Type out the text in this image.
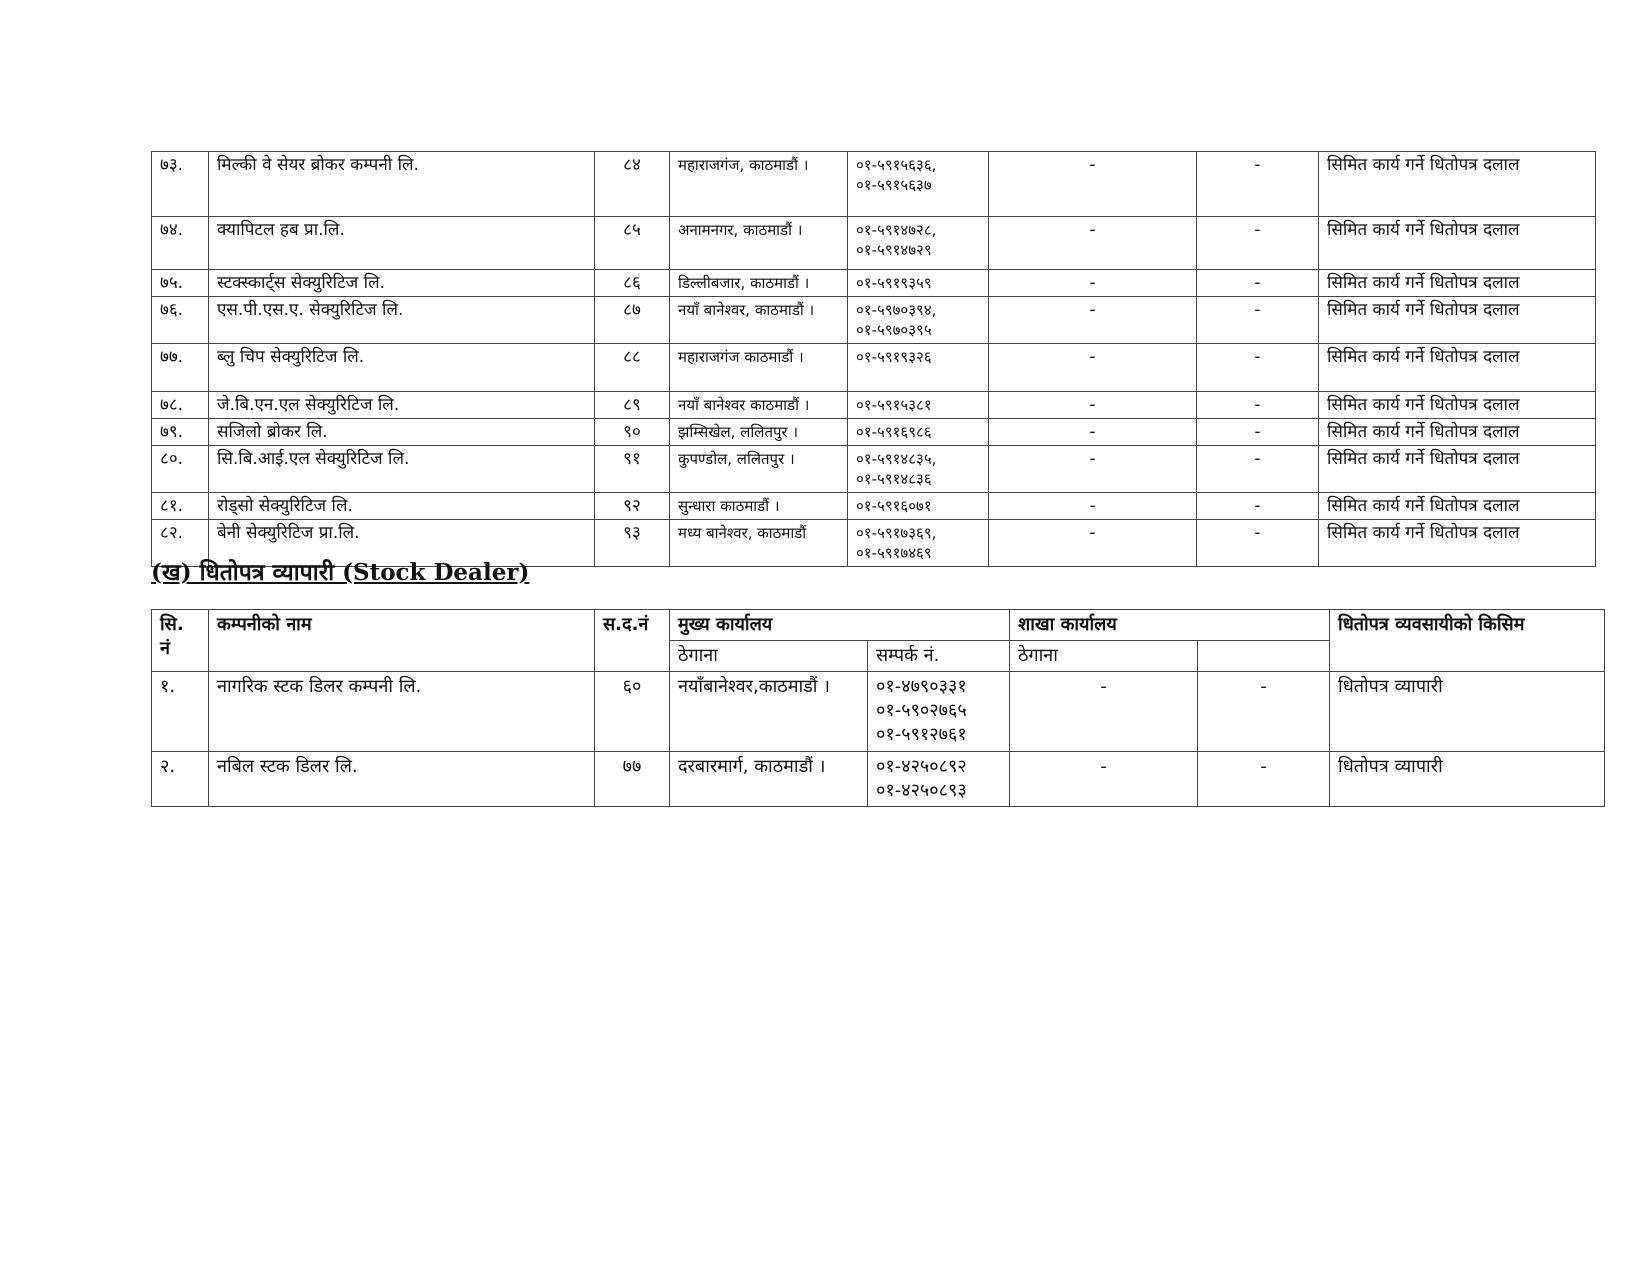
७३.	मिल्की वे सेयर ब्रोकर कम्पनी लि.	८४	महाराजगंज, काठमाडौं ।	०१-५९१५६३६,
०१-५९१५६३७	-	-	सिमित कार्य गर्ने धितोपत्र दलाल
७४.	क्यापिटल हब प्रा.लि.	८५	अनामनगर, काठमाडौं ।	०१-५९१४७२८,
०१-५९१४७२९	-	-	सिमित कार्य गर्ने धितोपत्र दलाल
७५.	स्टक्स्कार्ट्स सेक्युरिटिज लि.	८६	डिल्लीबजार, काठमाडौं ।	०१-५९१९३५९	-	-	सिमित कार्य गर्ने धितोपत्र दलाल
७६.	एस.पी.एस.ए. सेक्युरिटिज लि.	८७	नयाँ बानेश्वर, काठमाडौं ।	०१-५९७०३९४,
०१-५९७०३९५	-	-	सिमित कार्य गर्ने धितोपत्र दलाल
७७.	ब्लु चिप सेक्युरिटिज लि.	८८	महाराजगंज काठमाडौं ।	०१-५९१९३२६	-	-	सिमित कार्य गर्ने धितोपत्र दलाल
७८.	जे.बि.एन.एल सेक्युरिटिज लि.	८९	नयाँ बानेश्वर काठमाडौं ।	०१-५९१५३८१	-	-	सिमित कार्य गर्ने धितोपत्र दलाल
७९.	सजिलो ब्रोकर लि.	९०	झम्सिखेल, ललितपुर ।	०१-५९१६९८६	-	-	सिमित कार्य गर्ने धितोपत्र दलाल
८०.	सि.बि.आई.एल सेक्युरिटिज लि.	९१	कुपण्डोल, ललितपुर ।	०१-५९१४८३५,
०१-५९१४८३६	-	-	सिमित कार्य गर्ने धितोपत्र दलाल
८१.	रोड्सो सेक्युरिटिज लि.	९२	सुन्धारा काठमाडौं ।	०१-५९१६०७१	-	-	सिमित कार्य गर्ने धितोपत्र दलाल
८२.	बेनी सेक्युरिटिज प्रा.लि.	९३	मध्य बानेश्वर, काठमाडौं	०१-५९१७३६९,
०१-५९१७४६९	-	-	सिमित कार्य गर्ने धितोपत्र दलाल
(ख) धितोपत्र व्यापारी (Stock Dealer)
सि.
नं	कम्पनीको नाम	स.द.नं	मुख्य कार्यालय		शाखा कार्यालय		धितोपत्र व्यवसायीको किसिम
			ठेगाना	सम्पर्क नं.	ठेगाना		
१.	नागरिक स्टक डिलर कम्पनी लि.	६०	नयाँबानेश्वर,काठमाडौं ।	०१-४७९०३३१
०१-५९०२७६५
०१-५९१२७६१	-	-	धितोपत्र व्यापारी
२.	नबिल स्टक डिलर लि.	७७	दरबारमार्ग, काठमाडौं ।	०१-४२५०८९२
०१-४२५०८९३	-	-	धितोपत्र व्यापारी
